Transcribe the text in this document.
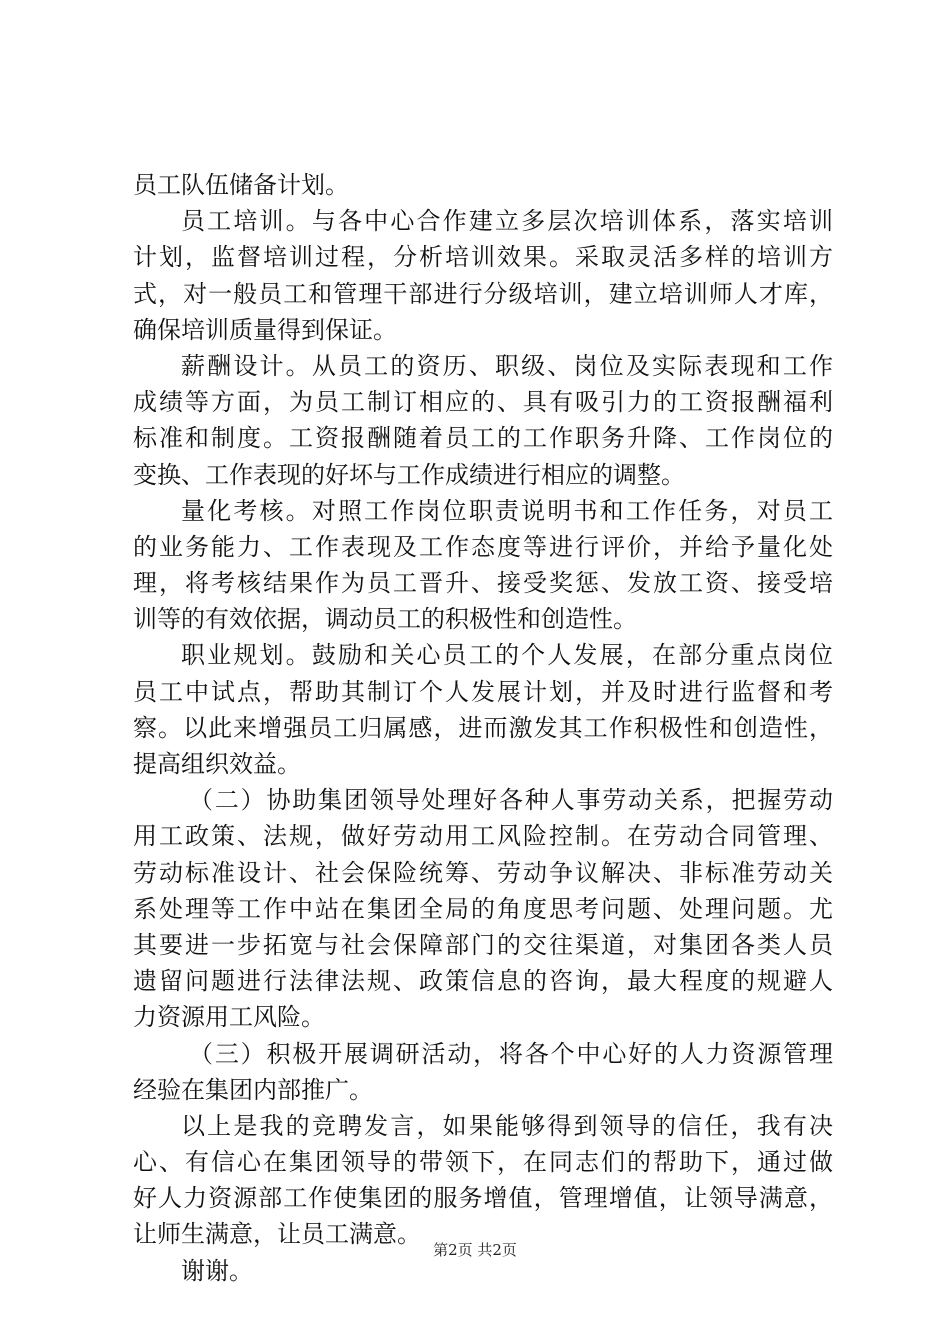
员工队伍储备计划。
员工培训。与各中心合作建立多层次培训体系，落实培训
计划，监督培训过程，分析培训效果。采取灵活多样的培训方
式，对一般员工和管理干部进行分级培训，建立培训师人才库，
确保培训质量得到保证。
薪酬设计。从员工的资历、职级、岗位及实际表现和工作
成绩等方面，为员工制订相应的、具有吸引力的工资报酬福利
标准和制度。工资报酬随着员工的工作职务升降、工作岗位的
变换、工作表现的好坏与工作成绩进行相应的调整。
量化考核。对照工作岗位职责说明书和工作任务，对员工
的业务能力、工作表现及工作态度等进行评价，并给予量化处
理，将考核结果作为员工晋升、接受奖惩、发放工资、接受培
训等的有效依据，调动员工的积极性和创造性。
职业规划。鼓励和关心员工的个人发展，在部分重点岗位
员工中试点，帮助其制订个人发展计划，并及时进行监督和考
察。以此来增强员工归属感，进而激发其工作积极性和创造性，
提高组织效益。
（二）协助集团领导处理好各种人事劳动关系，把握劳动
用工政策、法规，做好劳动用工风险控制。在劳动合同管理、
劳动标准设计、社会保险统筹、劳动争议解决、非标准劳动关
系处理等工作中站在集团全局的角度思考问题、处理问题。尤
其要进一步拓宽与社会保障部门的交往渠道，对集团各类人员
遗留问题进行法律法规、政策信息的咨询，最大程度的规避人
力资源用工风险。
（三）积极开展调研活动，将各个中心好的人力资源管理
经验在集团内部推广。
以上是我的竞聘发言，如果能够得到领导的信任，我有决
心、有信心在集团领导的带领下，在同志们的帮助下，通过做
好人力资源部工作使集团的服务增值，管理增值，让领导满意，
让师生满意，让员工满意。
谢谢。
第2页 共2页
